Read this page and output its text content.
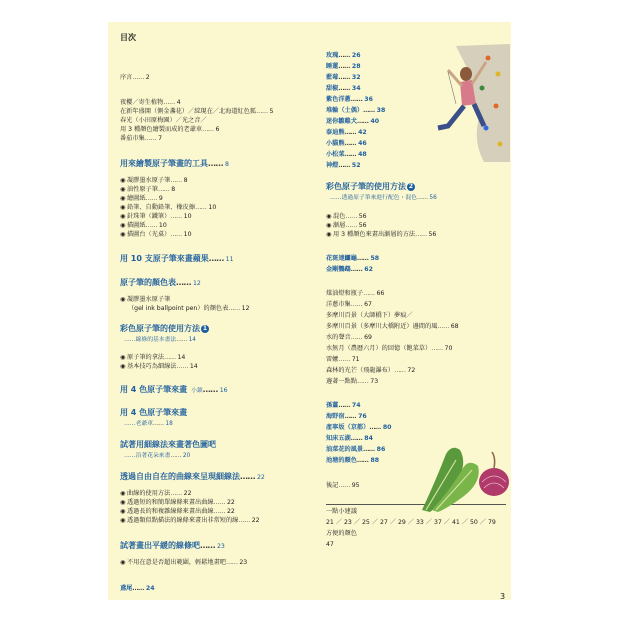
目次
序言…… 2
夜櫻／寄生植物…… 4
在新年盛開（側金盞花）／綻現在／北海道紅色狐…… 5
春光（小田原梅園）／光之音／
用 3 種顏色繪製而成的老爺車…… 6
番茄市集…… 7
用來繪製原子筆畫的工具…… 8
◉ 凝膠墨水原子筆…… 8
◉ 油性原子筆…… 8
◉ 繪圖紙…… 9
◉ 鉛筆、自動鉛筆、橡皮擦…… 10
◉ 針珠筆（鐵筆）…… 10
◉ 描圖紙…… 10
◉ 描圖台（光桌）…… 10
用 10 支原子筆來畫蘋果…… 11
原子筆的顏色表…… 12
◉ 凝膠墨水原子筆
（gel ink ballpoint pen）的顏色表…… 12
彩色原子筆的使用方法 1
……線條的基本畫法…… 14
◉ 原子筆的拿法…… 14
◉ 基本技巧為細線法…… 14
用 4 色原子筆來畫 小鎮…… 16
用 4 色原子筆來畫
……老爺車…… 18
試著用細線法來畫著色圖吧
……沿著花朵來畫…… 20
透過自由自在的曲線來呈現細線法…… 22
◉ 曲線的使用方法…… 22
◉ 透過短的和簡單線條來畫出曲線…… 22
◉ 透過長的和複雜線條來畫出曲線…… 22
◉ 透過類似點描法的線條來畫出非常短的線…… 22
試著畫出平緩的線條吧…… 23
◉ 不用在意是否超出範圍，輕鬆地畫吧…… 23
鳶尾…… 24
玫瑰…… 26
睡蓮…… 28
藍莓…… 32
甜椒…… 34
紫色洋蔥…… 36
堆輪（土偶）…… 38
迷你雛雞犬…… 40
泰迪熊…… 42
小貓熊…… 46
小松菜…… 48
神燈…… 52
彩色原子筆的使用方法 2
……透過原子筆來進行配色・混色…… 56
◉ 混色…… 56
◉ 漸層…… 56
◉ 用 3 種顏色來畫出漸層的方法…… 56
花斑連鱷龜…… 58
金剛鸚鵡…… 62
煤油燈和瓶子…… 66
洋蔥市集…… 67
多摩川百景（大師橋下）夢痕／
多摩川百景（多摩川大橋附近）邊間的風…… 68
水的聲音…… 69
水無月（農曆六月）的回憶（飽菜草）…… 70
雷嬤…… 71
森林的光芒（飛龍瀑布）…… 72
邊著一點點…… 73
孫薑…… 74
海野宿…… 76
產寧坂（京都）…… 80
知床五湖…… 84
油菜花的風景…… 86
池塘的顏色…… 88
後記…… 95
一點小建議
21 ／ 23 ／ 25 ／ 27 ／ 29 ／ 33 ／ 37 ／ 41 ／ 50 ／ 79
方便的顏色
47
3
